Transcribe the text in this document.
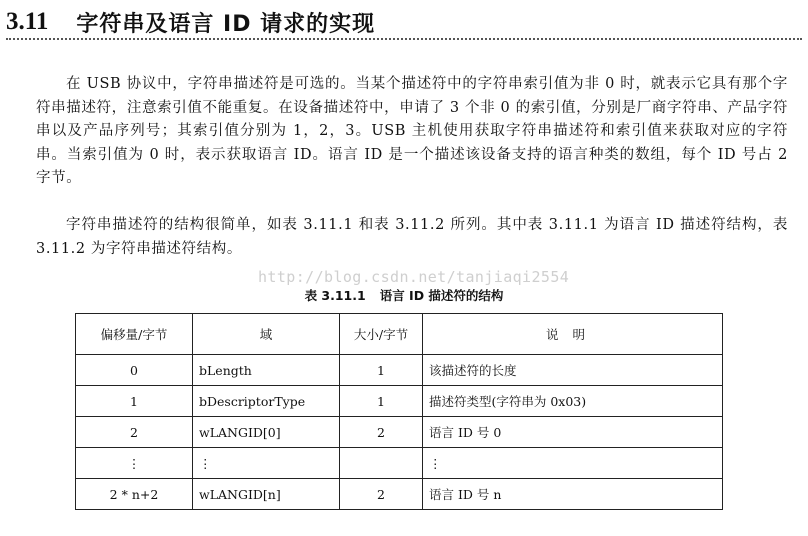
3.11 字符串及语言 ID 请求的实现

在 USB 协议中，字符串描述符是可选的。当某个描述符中的字符串索引值为非 0 时，就表示它具有那个字符串描述符，注意索引值不能重复。在设备描述符中，申请了 3 个非 0 的索引值，分别是厂商字符串、产品字符串以及产品序列号；其索引值分别为 1，2，3。USB 主机使用获取字符串描述符和索引值来获取对应的字符串。当索引值为 0 时，表示获取语言 ID。语言 ID 是一个描述该设备支持的语言种类的数组，每个 ID 号占 2 字节。

字符串描述符的结构很简单，如表 3.11.1 和表 3.11.2 所列。其中表 3.11.1 为语言 ID 描述符结构，表 3.11.2 为字符串描述符结构。

http://blog.csdn.net/tanjiaqi2554
表 3.11.1 语言 ID 描述符的结构
偏移量/字节	域	大小/字节	说明
0	bLength	1	该描述符的长度
1	bDescriptorType	1	描述符类型(字符串为 0x03)
2	wLANGID[0]	2	语言 ID 号 0
⋮	⋮		⋮
2 * n+2	wLANGID[n]	2	语言 ID 号 n
